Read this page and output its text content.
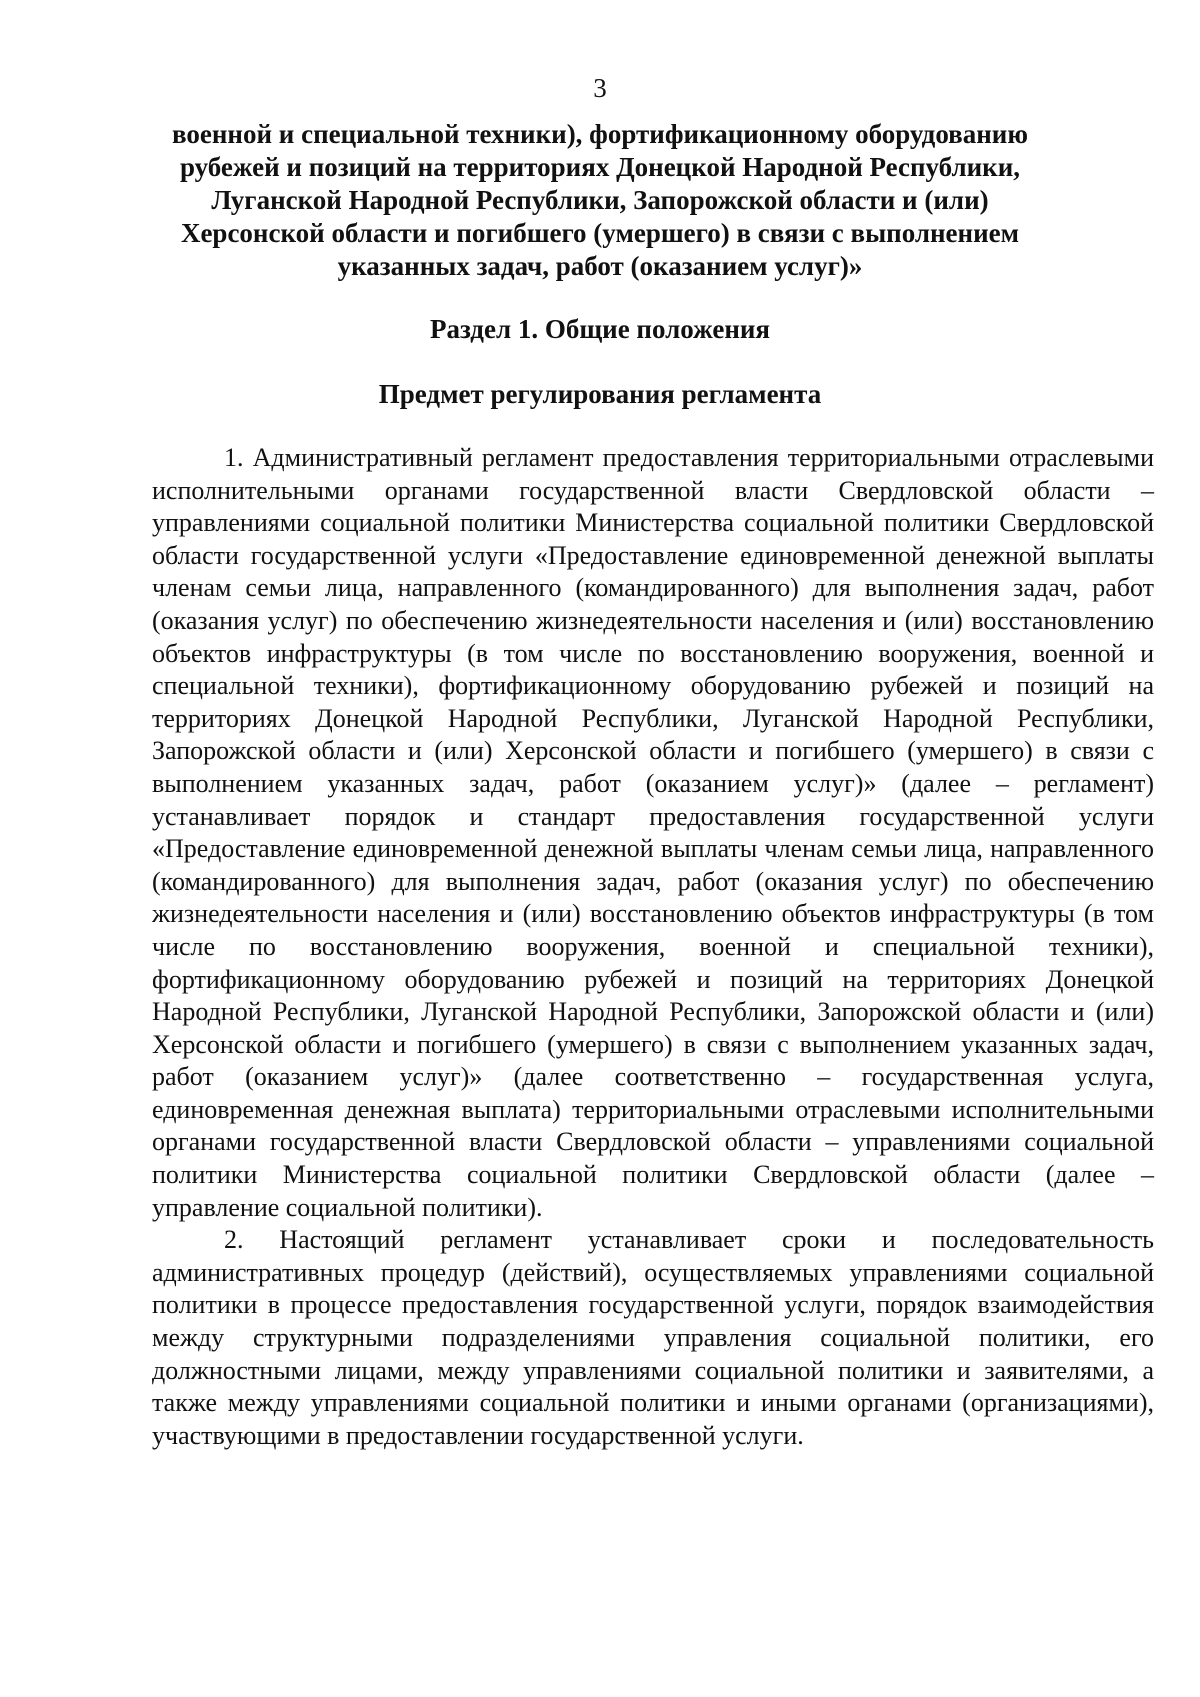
3
военной и специальной техники), фортификационному оборудованию рубежей и позиций на территориях Донецкой Народной Республики, Луганской Народной Республики, Запорожской области и (или) Херсонской области и погибшего (умершего) в связи с выполнением указанных задач, работ (оказанием услуг)»
Раздел 1. Общие положения
Предмет регулирования регламента

1. Административный регламент предоставления территориальными отраслевыми исполнительными органами государственной власти Свердловской области – управлениями социальной политики Министерства социальной политики Свердловской области государственной услуги «Предоставление единовременной денежной выплаты членам семьи лица, направленного (командированного) для выполнения задач, работ (оказания услуг) по обеспечению жизнедеятельности населения и (или) восстановлению объектов инфраструктуры (в том числе по восстановлению вооружения, военной и специальной техники), фортификационному оборудованию рубежей и позиций на территориях Донецкой Народной Республики, Луганской Народной Республики, Запорожской области и (или) Херсонской области и погибшего (умершего) в связи с выполнением указанных задач, работ (оказанием услуг)» (далее – регламент) устанавливает порядок и стандарт предоставления государственной услуги «Предоставление единовременной денежной выплаты членам семьи лица, направленного (командированного) для выполнения задач, работ (оказания услуг) по обеспечению жизнедеятельности населения и (или) восстановлению объектов инфраструктуры (в том числе по восстановлению вооружения, военной и специальной техники), фортификационному оборудованию рубежей и позиций на территориях Донецкой Народной Республики, Луганской Народной Республики, Запорожской области и (или) Херсонской области и погибшего (умершего) в связи с выполнением указанных задач, работ (оказанием услуг)» (далее соответственно – государственная услуга, единовременная денежная выплата) территориальными отраслевыми исполнительными органами государственной власти Свердловской области – управлениями социальной политики Министерства социальной политики Свердловской области (далее – управление социальной политики).

2. Настоящий регламент устанавливает сроки и последовательность административных процедур (действий), осуществляемых управлениями социальной политики в процессе предоставления государственной услуги, порядок взаимодействия между структурными подразделениями управления социальной политики, его должностными лицами, между управлениями социальной политики и заявителями, а также между управлениями социальной политики и иными органами (организациями), участвующими в предоставлении государственной услуги.
